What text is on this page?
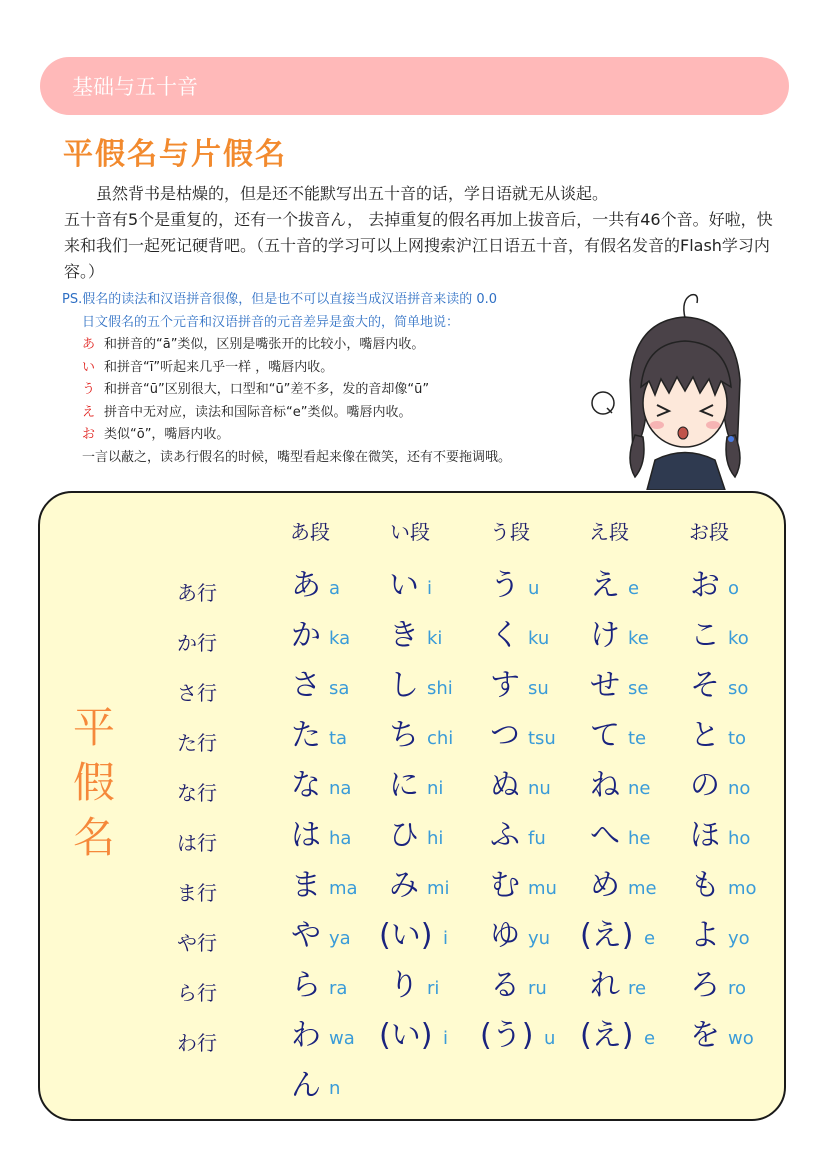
基础与五十音
平假名与片假名

虽然背书是枯燥的，但是还不能默写出五十音的话，学日语就无从谈起。

五十音有5个是重复的，还有一个拔音ん， 去掉重复的假名再加上拔音后，一共有46个音。好啦，快来和我们一起死记硬背吧。（五十音的学习可以上网搜索沪江日语五十音，有假名发音的Flash学习内容。）

PS.假名的读法和汉语拼音很像，但是也不可以直接当成汉语拼音来读的 0.0
日文假名的五个元音和汉语拼音的元音差异是蛮大的，简单地说：
あ 和拼音的“ā”类似，区别是嘴张开的比较小，嘴唇内收。
い 和拼音“ī”听起来几乎一样 ，嘴唇内收。
う 和拼音“ū”区别很大，口型和“ū”差不多，发的音却像“ū”
え 拼音中无对应，读法和国际音标“e”类似。嘴唇内收。
お 类似“ō”，嘴唇内收。
一言以蔽之，读あ行假名的时候，嘴型看起来像在微笑，还有不要拖调哦。
平
假
名
あ段	い段	う段	え段	お段
あ行 あ a い i う u え e お o
か行 か ka き ki く ku け ke こ ko
さ行 さ sa し shi す su せ se そ so
た行 た ta ち chi つ tsu て te と to
な行 な na に ni ぬ nu ね ne の no
は行 は ha ひ hi ふ fu へ he ほ ho
ま行 ま ma み mi む mu め me も mo
や行 や ya (い) i ゆ yu (え) e よ yo
ら行 ら ra り ri る ru れ re ろ ro
わ行 わ wa (い) i (う) u (え) e を wo
ん n
